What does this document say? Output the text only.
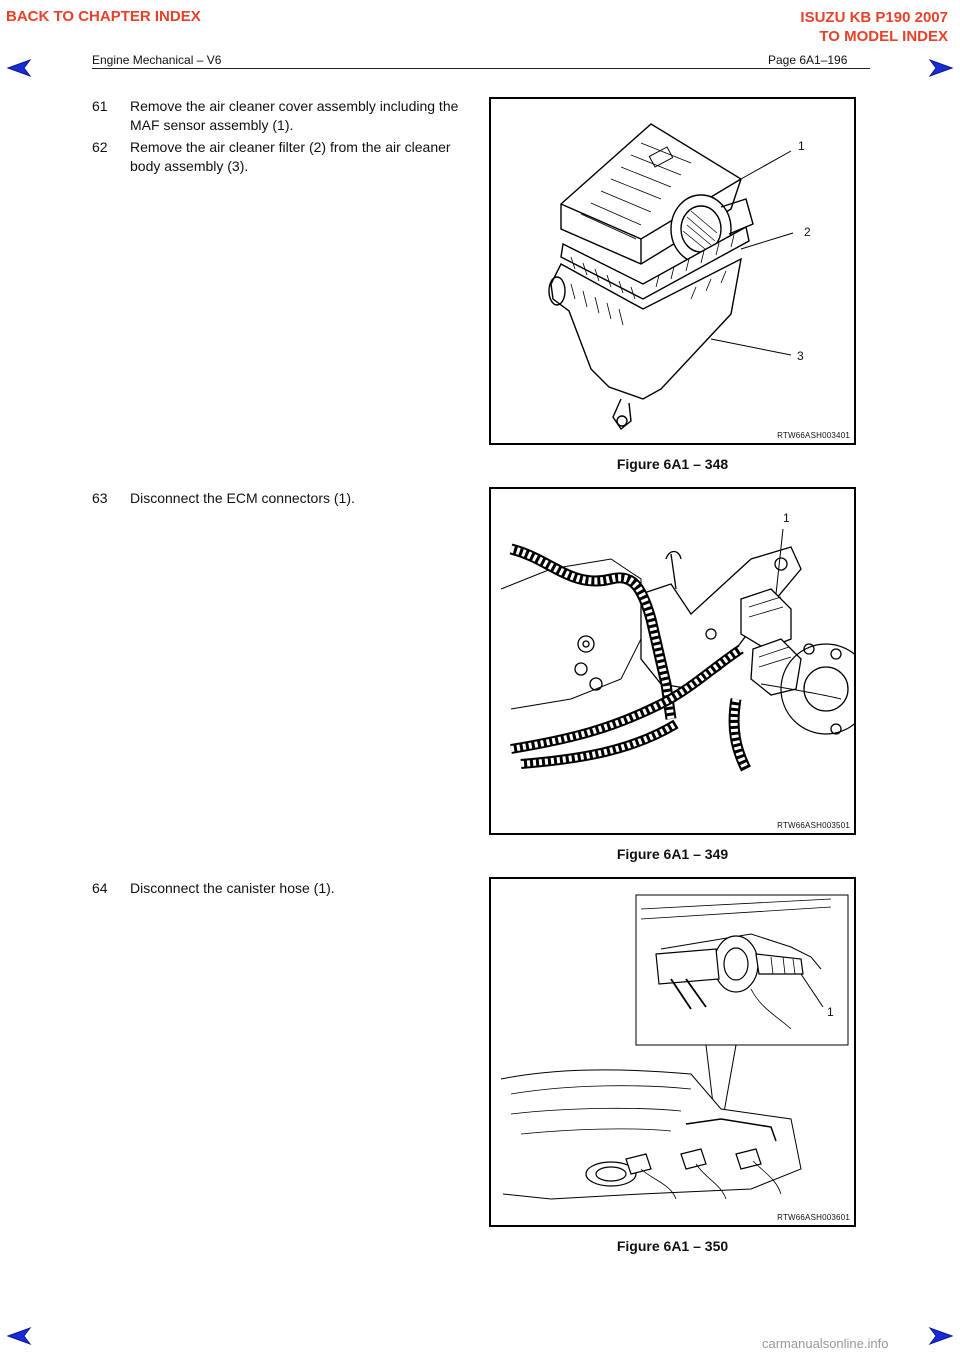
BACK TO CHAPTER INDEX	ISUZU KB P190 2007
TO MODEL INDEX
Engine Mechanical – V6	Page 6A1–196
61 Remove the air cleaner cover assembly including the
MAF sensor assembly (1).
62 Remove the air cleaner filter (2) from the air cleaner
body assembly (3).
63 Disconnect the ECM connectors (1).
64 Disconnect the canister hose (1).
1
2
3
RTW66ASH003401
Figure 6A1 – 348
1
RTW66ASH003501
Figure 6A1 – 349
1
RTW66ASH003601
Figure 6A1 – 350
carmanualsonline.info
